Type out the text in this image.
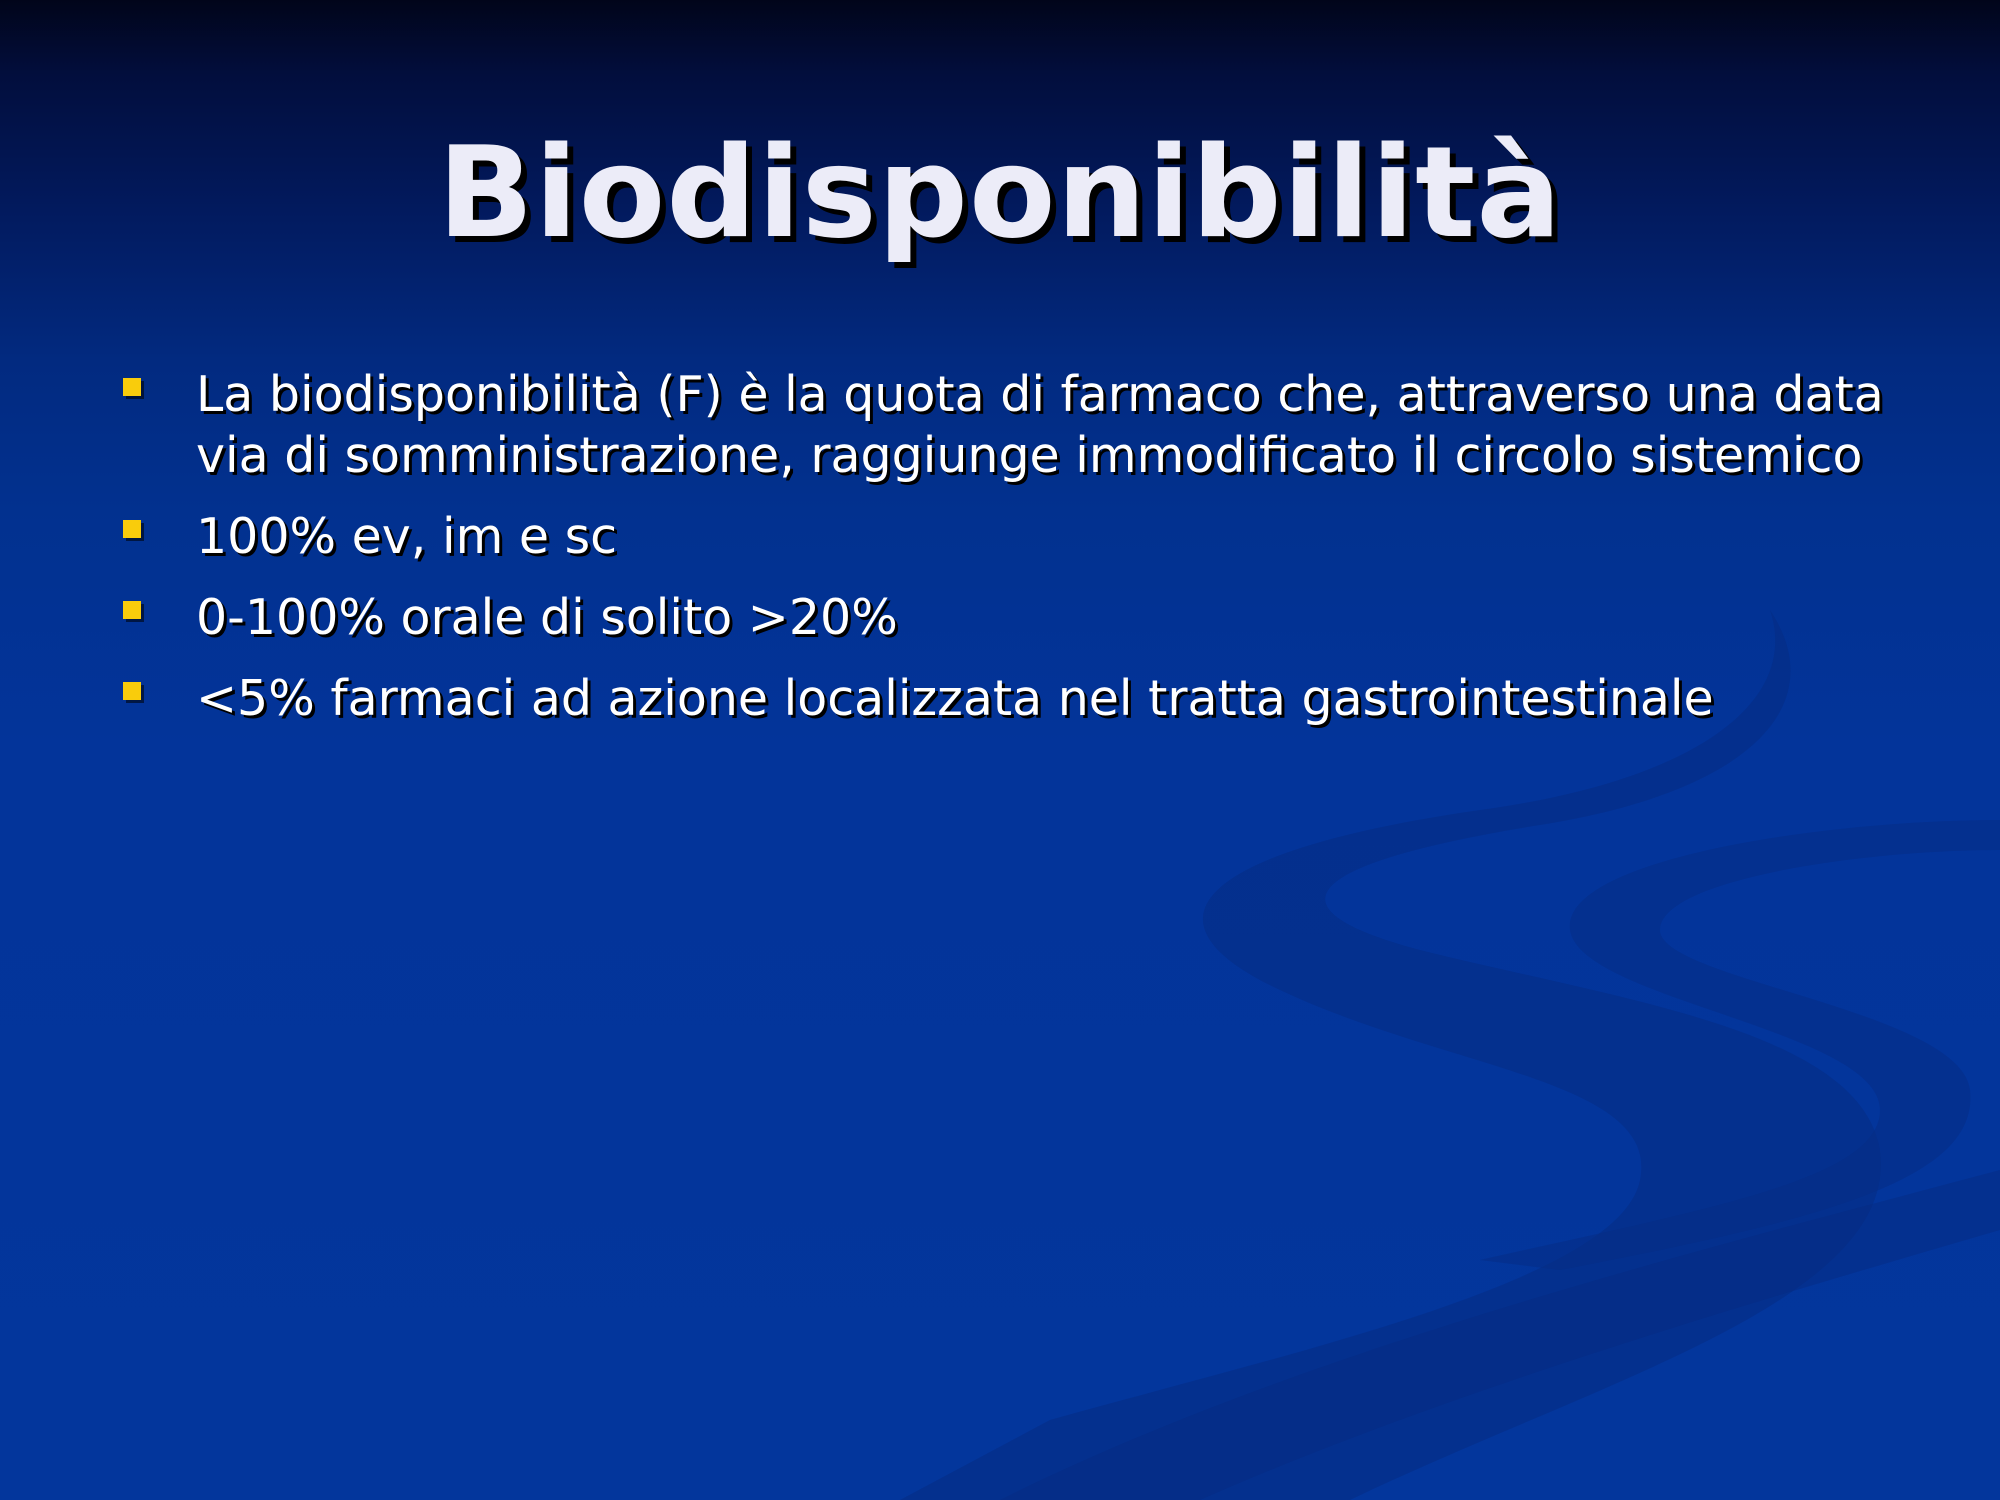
Biodisponibilità
La biodisponibilità (F) è la quota di farmaco che, attraverso una data via di somministrazione, raggiunge immodificato il circolo sistemico
100% ev, im e sc
0-100% orale di solito >20%
<5% farmaci ad azione localizzata nel tratta gastrointestinale
